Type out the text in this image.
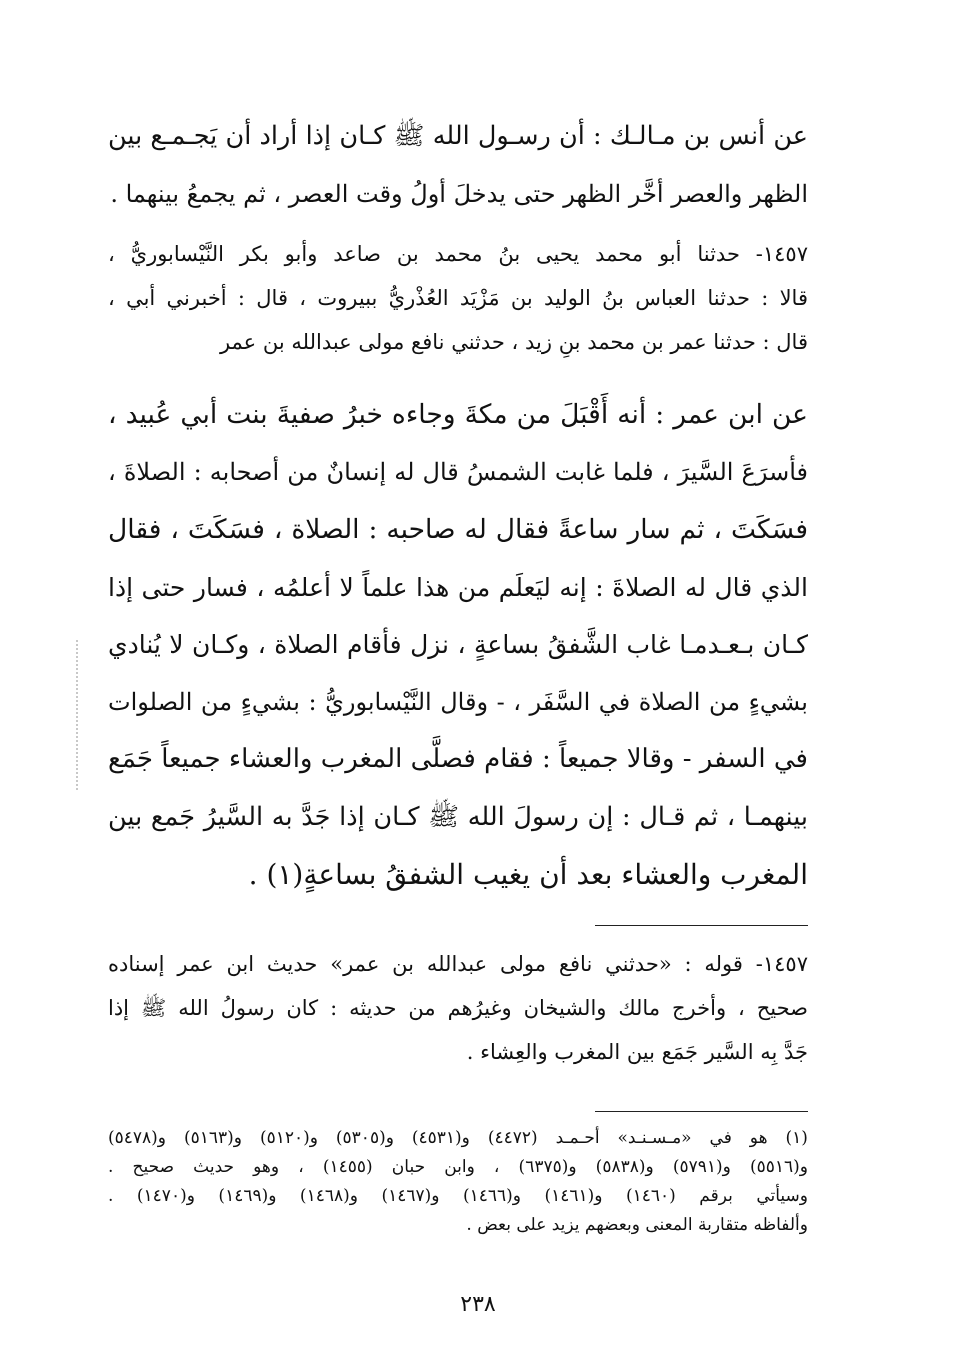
عن أنس بن مـالـك : أن رسـول الله ﷺ كـان إذا أراد أن يَجـمـع بين
الظهر والعصر أخَّر الظهر حتى يدخلَ أولُ وقت العصر ، ثم يجمعُ بينهما .
١٤٥٧- حدثنا أبو محمد يحيى بنُ محمد بن صاعد وأبو بكر النَّيْسابوريُّ ،
قالا : حدثنا العباس بنُ الوليد بن مَزْيَد العُذْريُّ ببيروت ، قال : أخبرني أبي ،
قال : حدثنا عمر بن محمد بنِ زيد ، حدثني نافع مولى عبدالله بن عمر
عن ابن عمر : أنه أَقْبَلَ من مكةَ وجاءه خبرُ صفيةَ بنت أبي عُبيد ،
فأسرَعَ السَّيرَ ، فلما غابت الشمسُ قال له إنسانٌ من أصحابه : الصلاةَ ،
فسَكَتَ ، ثم سار ساعةً فقال له صاحبه : الصلاة ، فسَكَتَ ، فقال
الذي قال له الصلاةَ : إنه ليَعلَم من هذا علماً لا أعلمُه ، فسار حتى إذا
كـان بـعـدمـا غاب الشَّفقُ بساعةٍ ، نزل فأقام الصلاة ، وكـان لا يُنادي
بشيءٍ من الصلاة في السَّفَر ، - وقال النَّيْسابوريُّ : بشيءٍ من الصلوات
في السفر - وقالا جميعاً : فقام فصلَّى المغرب والعشاء جميعاً جَمَع
بينهمـا ، ثم قـال : إن رسولَ الله ﷺ كـان إذا جَدَّ به السَّيرُ جَمع بين
المغرب والعشاء بعد أن يغيب الشفقُ بساعةٍ(١) .
١٤٥٧- قوله : «حدثني نافع مولى عبدالله بن عمر» حديث ابن عمر إسناده
صحيح ، وأخرج مالك والشيخان وغيرُهم من حديثه : كان رسولُ الله ﷺ إذا
جَدَّ بِه السَّير جَمَع بين المغرب والعِشاء .
(١) هو في «مـسـنـد» أحـمـد (٤٤٧٢) و(٤٥٣١) و(٥٣٠٥) و(٥١٢٠) و(٥١٦٣) و(٥٤٧٨)
و(٥٥١٦) و(٥٧٩١) و(٥٨٣٨) و(٦٣٧٥) ، وابن حبان (١٤٥٥) ، وهو حديث صحيح .
وسيأتي برقم (١٤٦٠) و(١٤٦١) و(١٤٦٦) و(١٤٦٧) و(١٤٦٨) و(١٤٦٩) و(١٤٧٠) .
وألفاظه متقاربة المعنى وبعضهم يزيد على بعض .
٢٣٨
